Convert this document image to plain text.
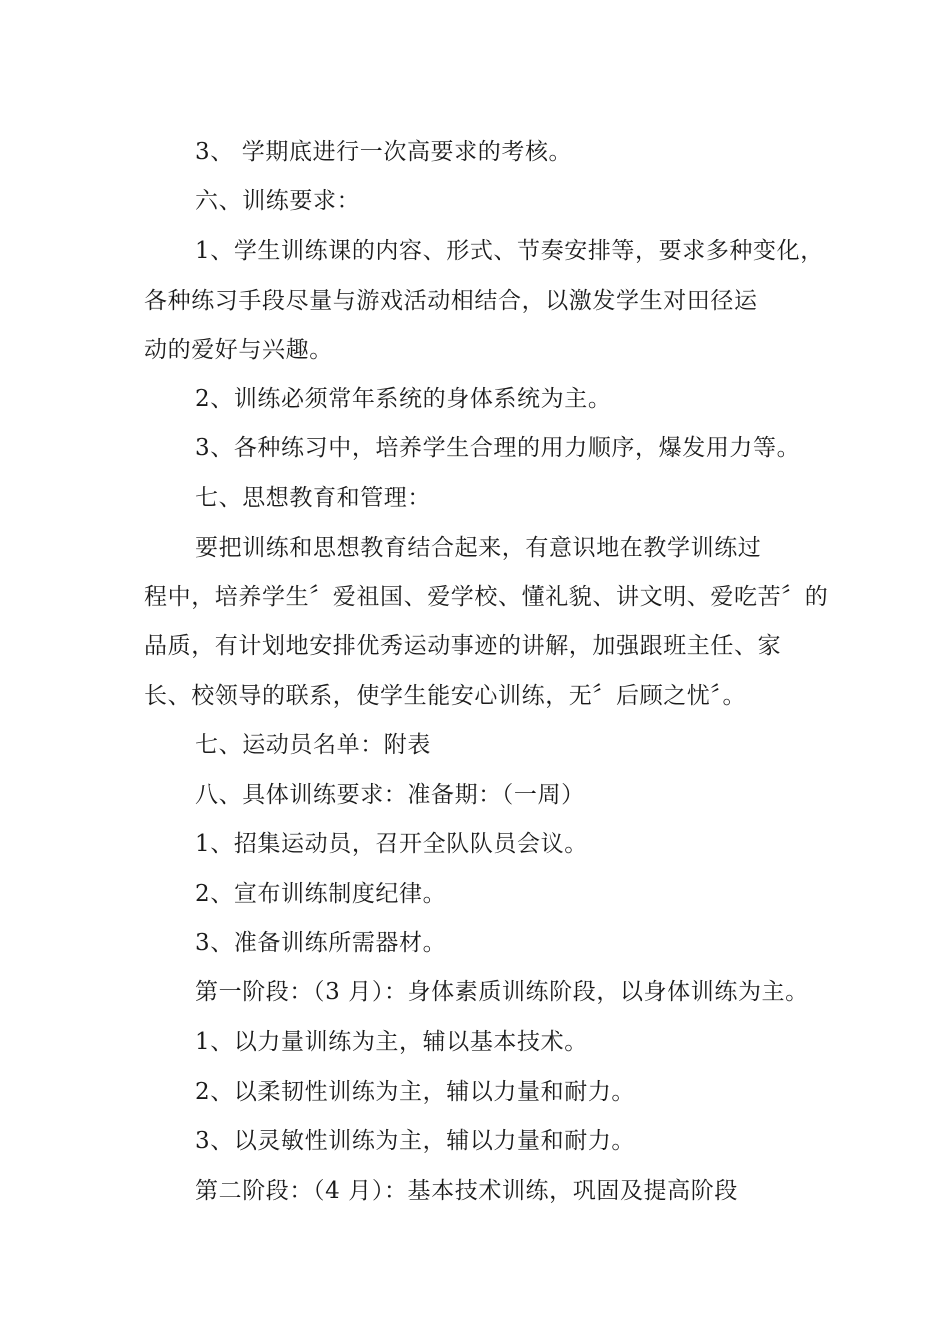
3、 学期底进行一次高要求的考核。
六、训练要求：
1、学生训练课的内容、形式、节奏安排等，要求多种变化，
各种练习手段尽量与游戏活动相结合，以激发学生对田径运
动的爱好与兴趣。
2、训练必须常年系统的身体系统为主。
3、各种练习中，培养学生合理的用力顺序，爆发用力等。
七、思想教育和管理：
要把训练和思想教育结合起来，有意识地在教学训练过
程中，培养学生〞爱祖国、爱学校、懂礼貌、讲文明、爱吃苦〞的
品质，有计划地安排优秀运动事迹的讲解，加强跟班主任、家
长、校领导的联系，使学生能安心训练，无〞后顾之忧〞。
七、运动员名单：附表
八、具体训练要求：准备期：（一周）
1、招集运动员，召开全队队员会议。
2、宣布训练制度纪律。
3、准备训练所需器材。
第一阶段：（3 月）：身体素质训练阶段，以身体训练为主。
1、以力量训练为主，辅以基本技术。
2、以柔韧性训练为主，辅以力量和耐力。
3、以灵敏性训练为主，辅以力量和耐力。
第二阶段：（4 月）：基本技术训练，巩固及提高阶段
